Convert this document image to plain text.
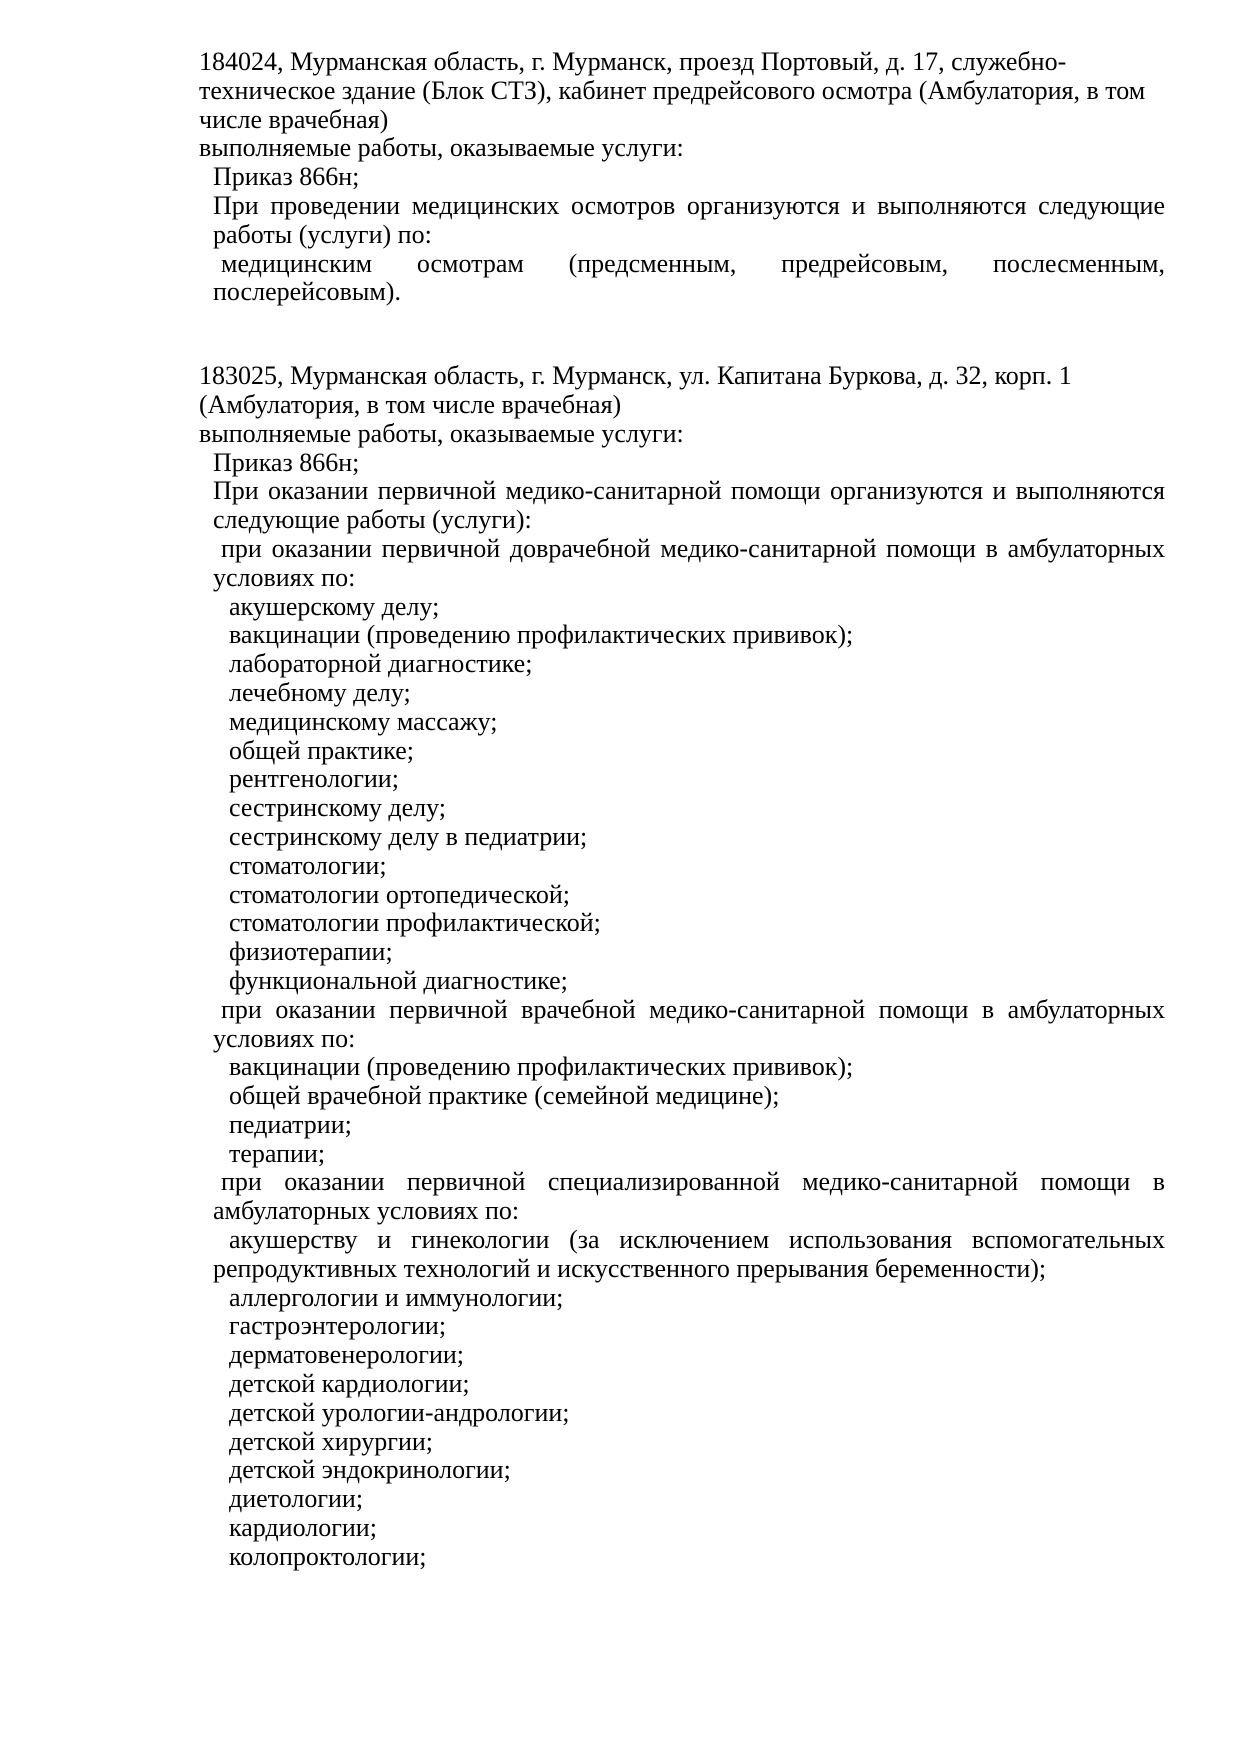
184024, Мурманская область, г. Мурманск, проезд Портовый, д. 17, служебно-
техническое здание (Блок СТЗ), кабинет предрейсового осмотра (Амбулатория, в том
числе врачебная)
выполняемые работы, оказываемые услуги:
Приказ 866н;
При проведении медицинских осмотров организуются и выполняются следующие
работы (услуги) по:
медицинским осмотрам (предсменным, предрейсовым, послесменным,
послерейсовым).
183025, Мурманская область, г. Мурманск, ул. Капитана Буркова, д. 32, корп. 1
(Амбулатория, в том числе врачебная)
выполняемые работы, оказываемые услуги:
Приказ 866н;
При оказании первичной медико-санитарной помощи организуются и выполняются
следующие работы (услуги):
при оказании первичной доврачебной медико-санитарной помощи в амбулаторных
условиях по:
акушерскому делу;
вакцинации (проведению профилактических прививок);
лабораторной диагностике;
лечебному делу;
медицинскому массажу;
общей практике;
рентгенологии;
сестринскому делу;
сестринскому делу в педиатрии;
стоматологии;
стоматологии ортопедической;
стоматологии профилактической;
физиотерапии;
функциональной диагностике;
при оказании первичной врачебной медико-санитарной помощи в амбулаторных
условиях по:
вакцинации (проведению профилактических прививок);
общей врачебной практике (семейной медицине);
педиатрии;
терапии;
при оказании первичной специализированной медико-санитарной помощи в
амбулаторных условиях по:
акушерству и гинекологии (за исключением использования вспомогательных
репродуктивных технологий и искусственного прерывания беременности);
аллергологии и иммунологии;
гастроэнтерологии;
дерматовенерологии;
детской кардиологии;
детской урологии-андрологии;
детской хирургии;
детской эндокринологии;
диетологии;
кардиологии;
колопроктологии;
